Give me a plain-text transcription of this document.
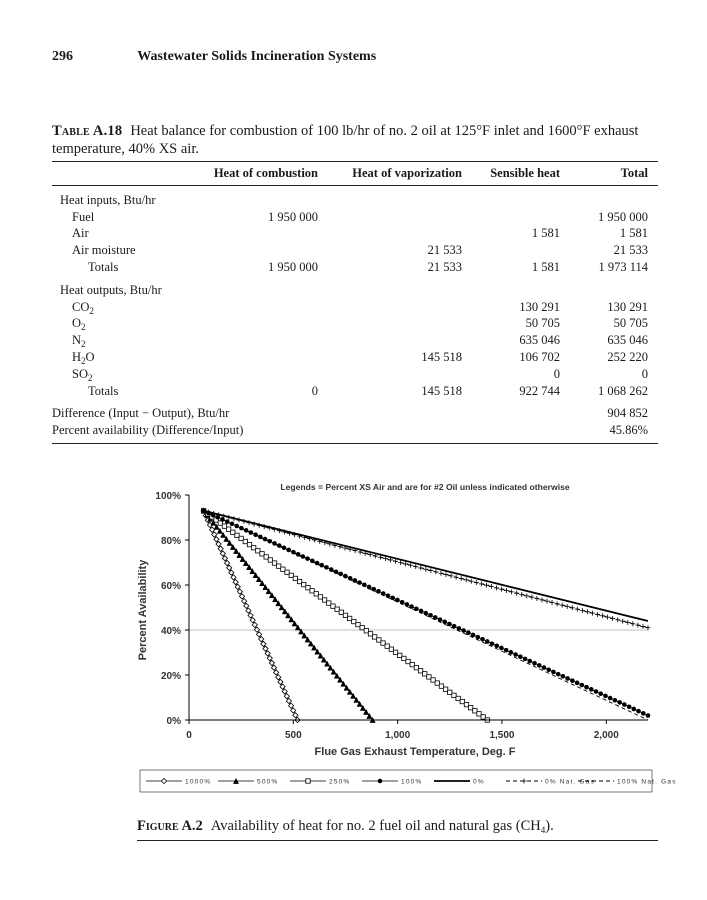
296	Wastewater Solids Incineration Systems
Table A.18 Heat balance for combustion of 100 lb/hr of no. 2 oil at 125°F inlet and 1600°F exhaust temperature, 40% XS air.
	Heat of combustion	Heat of vaporization	Sensible heat	Total

Heat inputs, Btu/hr				
Fuel	1 950 000			1 950 000
Air			1 581	1 581
Air moisture		21 533		21 533
Totals	1 950 000	21 533	1 581	1 973 114

Heat outputs, Btu/hr				
$CO_2$			130 291	130 291
$O_2$			50 705	50 705
$N_2$			635 046	635 046
$H_2O$		145 518	106 702	252 220
$SO_2$			0	0
Totals	0	145 518	922 744	1 068 262

Difference (Input − Output), Btu/hr				904 852
Percent availability (Difference/Input)				45.86%
Legends = Percent XS Air and are for #2 Oil unless indicated otherwise
0%
20%
40%
60%
80%
100%
0	500	1,000	1,500	2,000
Percent Availability
Flue Gas Exhaust Temperature, Deg. F
1000%	500%	250%	100%	0%	0% Nat. Gas	100% Nat. Gas
Figure A.2 Availability of heat for no. 2 fuel oil and natural gas $(CH_4)$.
